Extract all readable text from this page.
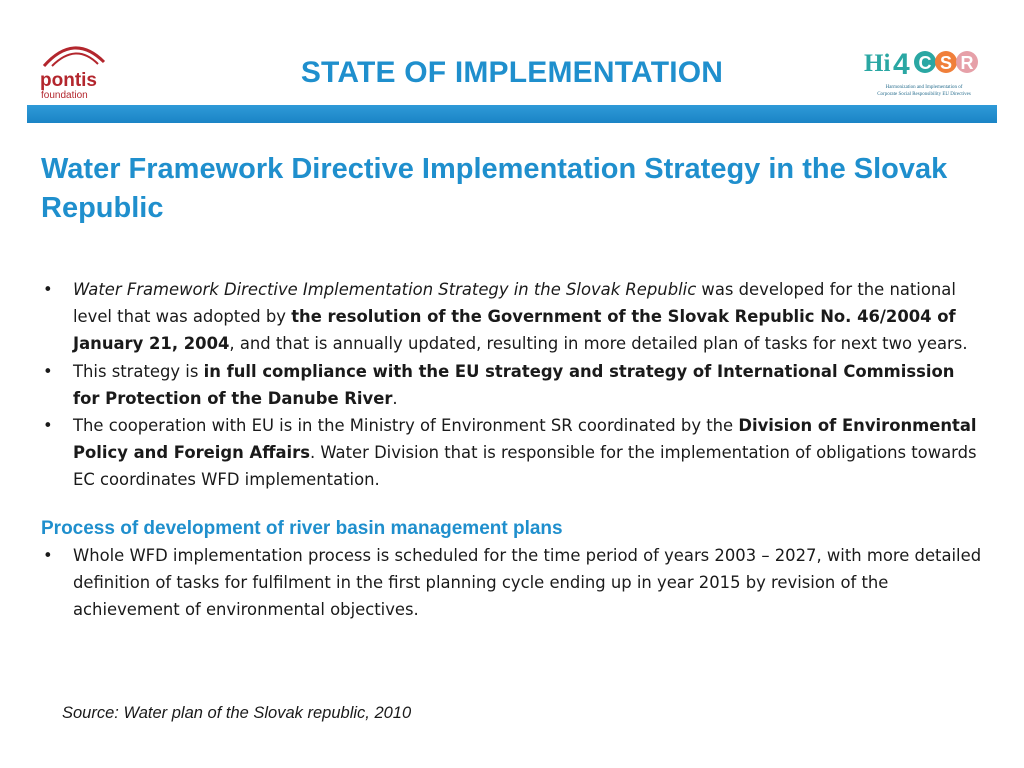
pontis
foundation
STATE OF IMPLEMENTATION	Hi 4 C S R
Harmonization and Implementation of
Corporate Social Responsibility EU Directives
Water Framework Directive Implementation Strategy in the Slovak Republic
• Water Framework Directive Implementation Strategy in the Slovak Republic was developed for the national level that was adopted by the resolution of the Government of the Slovak Republic No. 46/2004 of January 21, 2004, and that is annually updated, resulting in more detailed plan of tasks for next two years.
• This strategy is in full compliance with the EU strategy and strategy of International Commission for Protection of the Danube River.
• The cooperation with EU is in the Ministry of Environment SR coordinated by the Division of Environmental Policy and Foreign Affairs. Water Division that is responsible for the implementation of obligations towards EC coordinates WFD implementation.
Process of development of river basin management plans
• Whole WFD implementation process is scheduled for the time period of years 2003 – 2027, with more detailed definition of tasks for fulfilment in the first planning cycle ending up in year 2015 by revision of the achievement of environmental objectives.
Source: Water plan of the Slovak republic, 2010
